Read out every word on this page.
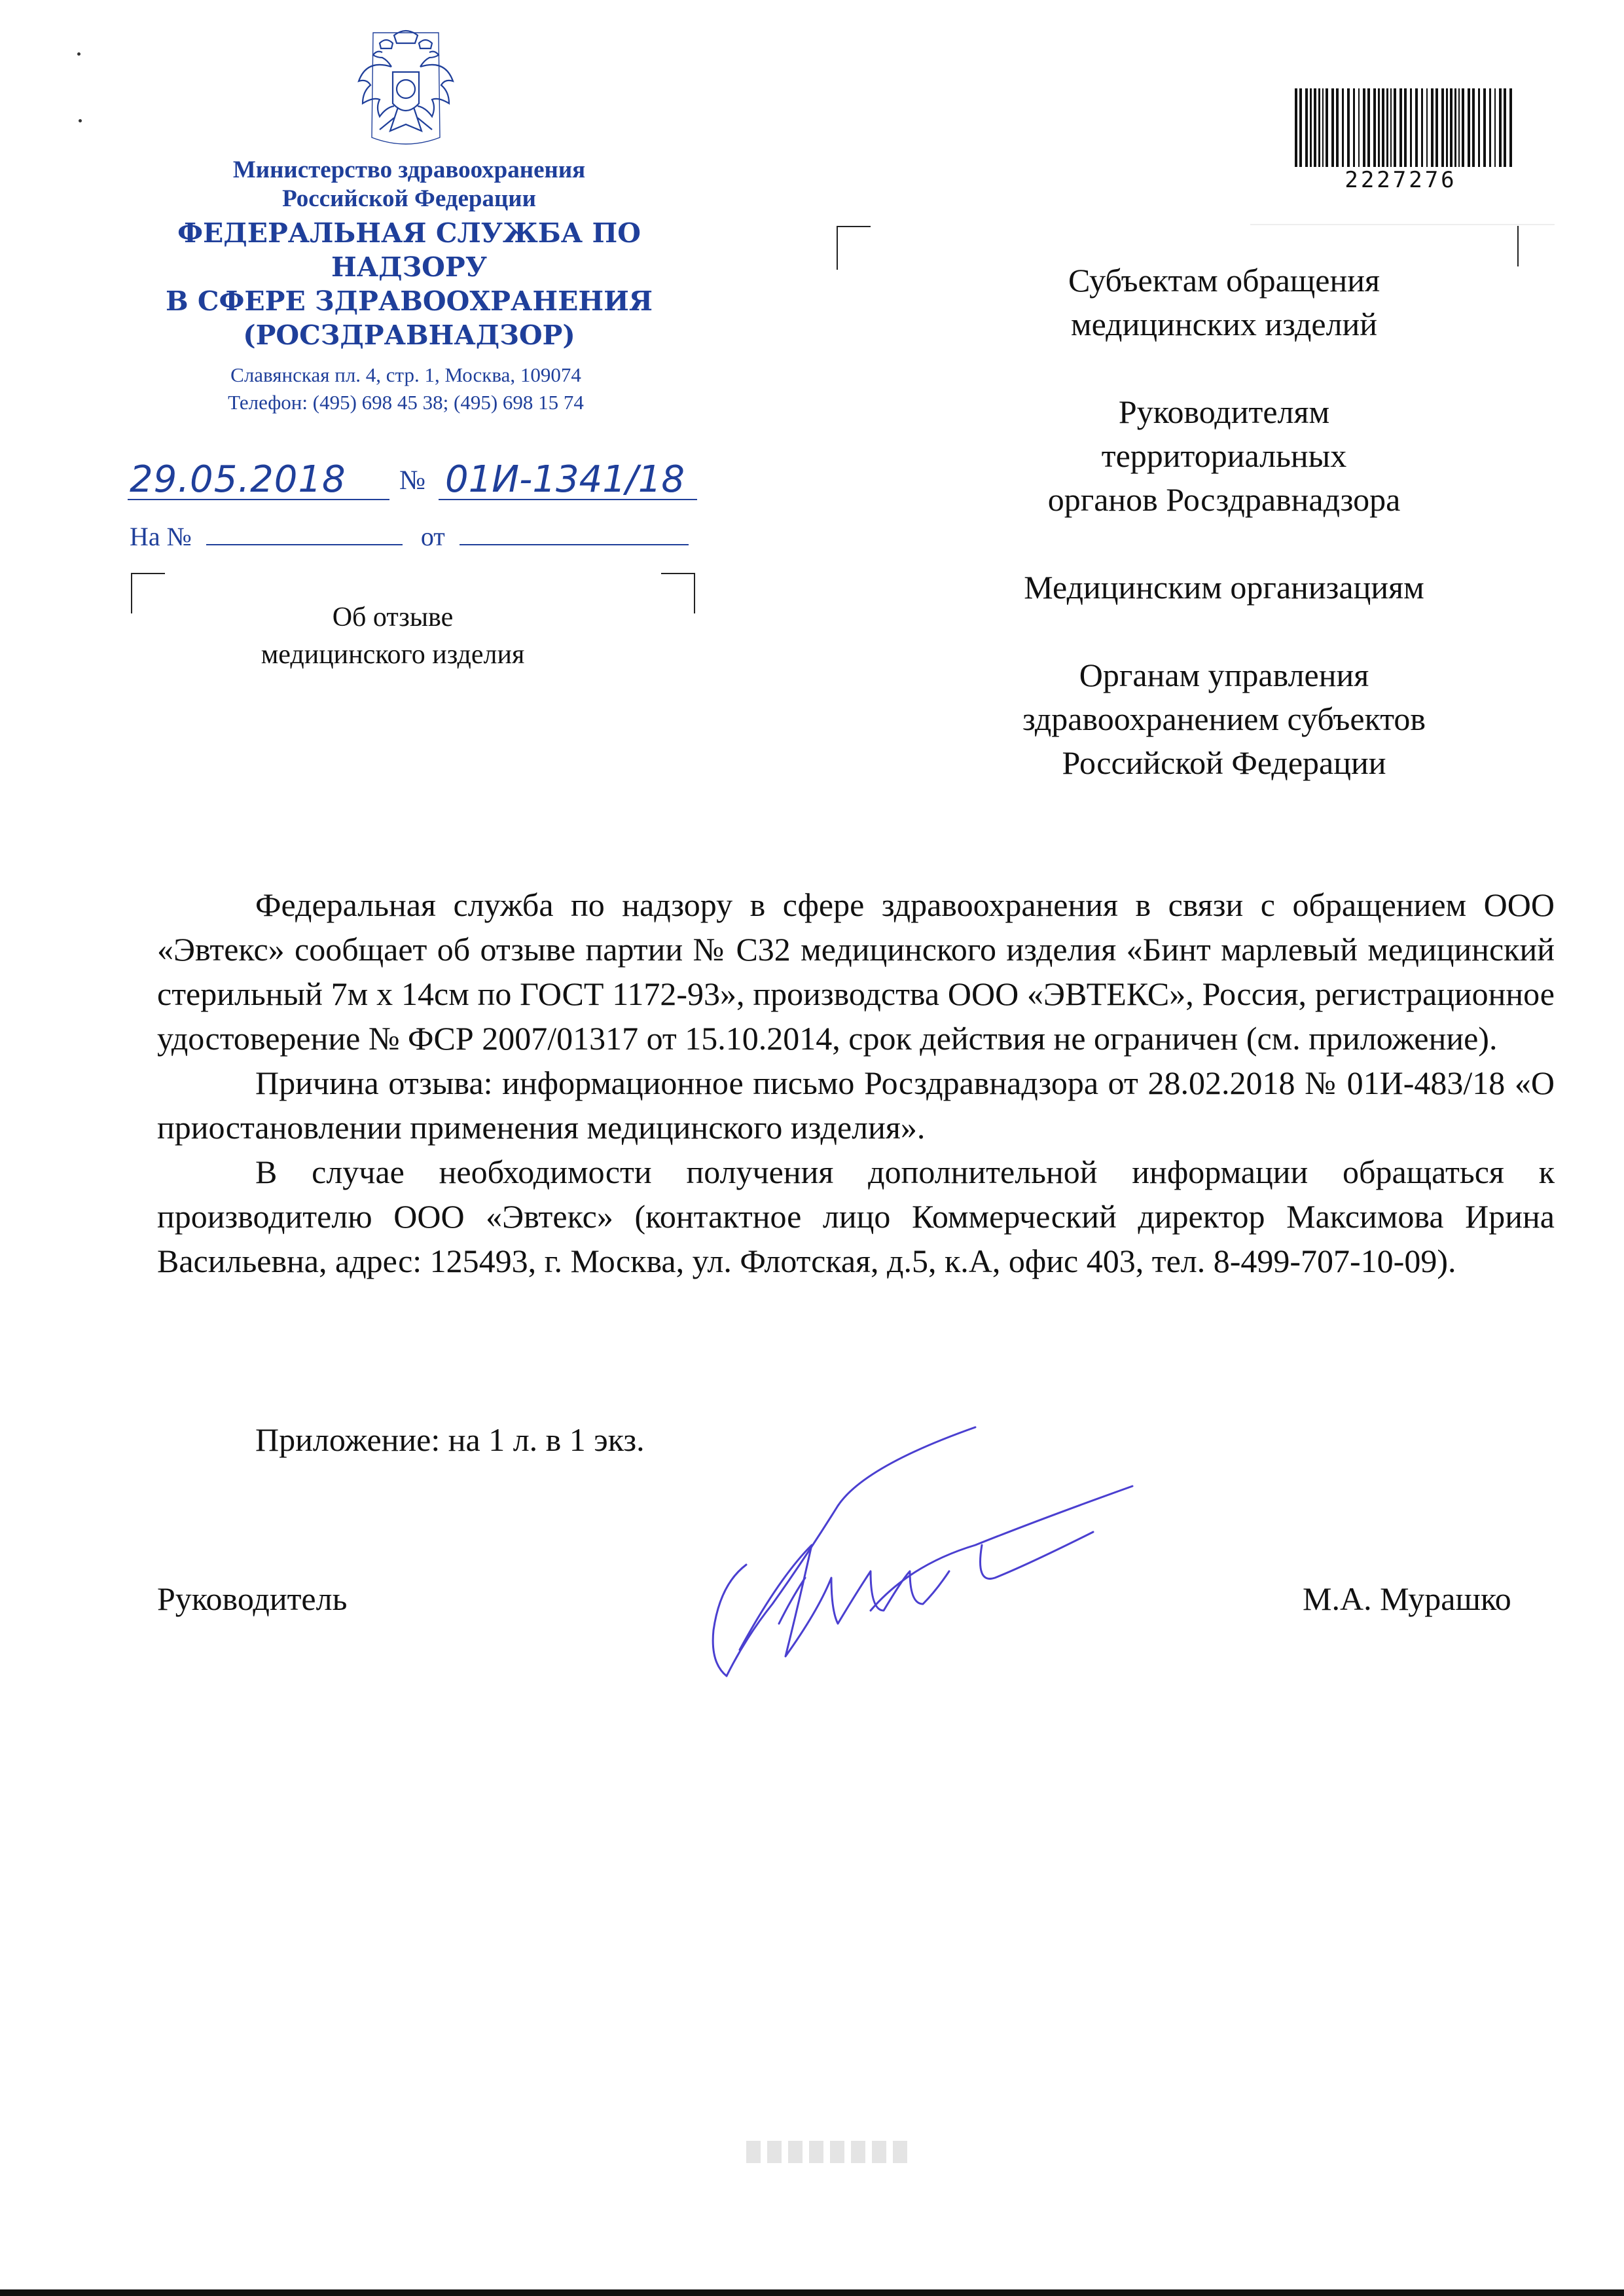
Министерство здравоохранения
Российской Федерации
ФЕДЕРАЛЬНАЯ СЛУЖБА ПО НАДЗОРУ
В СФЕРЕ ЗДРАВООХРАНЕНИЯ
(РОСЗДРАВНАДЗОР)
Славянская пл. 4, стр. 1, Москва, 109074
Телефон: (495) 698 45 38; (495) 698 15 74
29.05.2018 № 01И-1341/18
На №	от
Об отзыве
медицинского изделия
2227276
Субъектам обращения
медицинских изделий
Руководителям
территориальных
органов Росздравнадзора
Медицинским организациям
Органам управления
здравоохранением субъектов
Российской Федерации

Федеральная служба по надзору в сфере здравоохранения в связи с обращением ООО «Эвтекс» сообщает об отзыве партии № С32 медицинского изделия «Бинт марлевый медицинский стерильный 7м х 14см по ГОСТ 1172-93», производства ООО «ЭВТЕКС», Россия, регистрационное удостоверение № ФСР 2007/01317 от 15.10.2014, срок действия не ограничен (см. приложение).

Причина отзыва: информационное письмо Росздравнадзора от 28.02.2018 № 01И-483/18 «О приостановлении применения медицинского изделия».

В случае необходимости получения дополнительной информации обращаться к производителю ООО «Эвтекс» (контактное лицо Коммерческий директор Максимова Ирина Васильевна, адрес: 125493, г. Москва, ул. Флотская, д.5, к.А, офис 403, тел. 8-499-707-10-09).

Приложение: на 1 л. в 1 экз.
Руководитель	М.А. Мурашко
